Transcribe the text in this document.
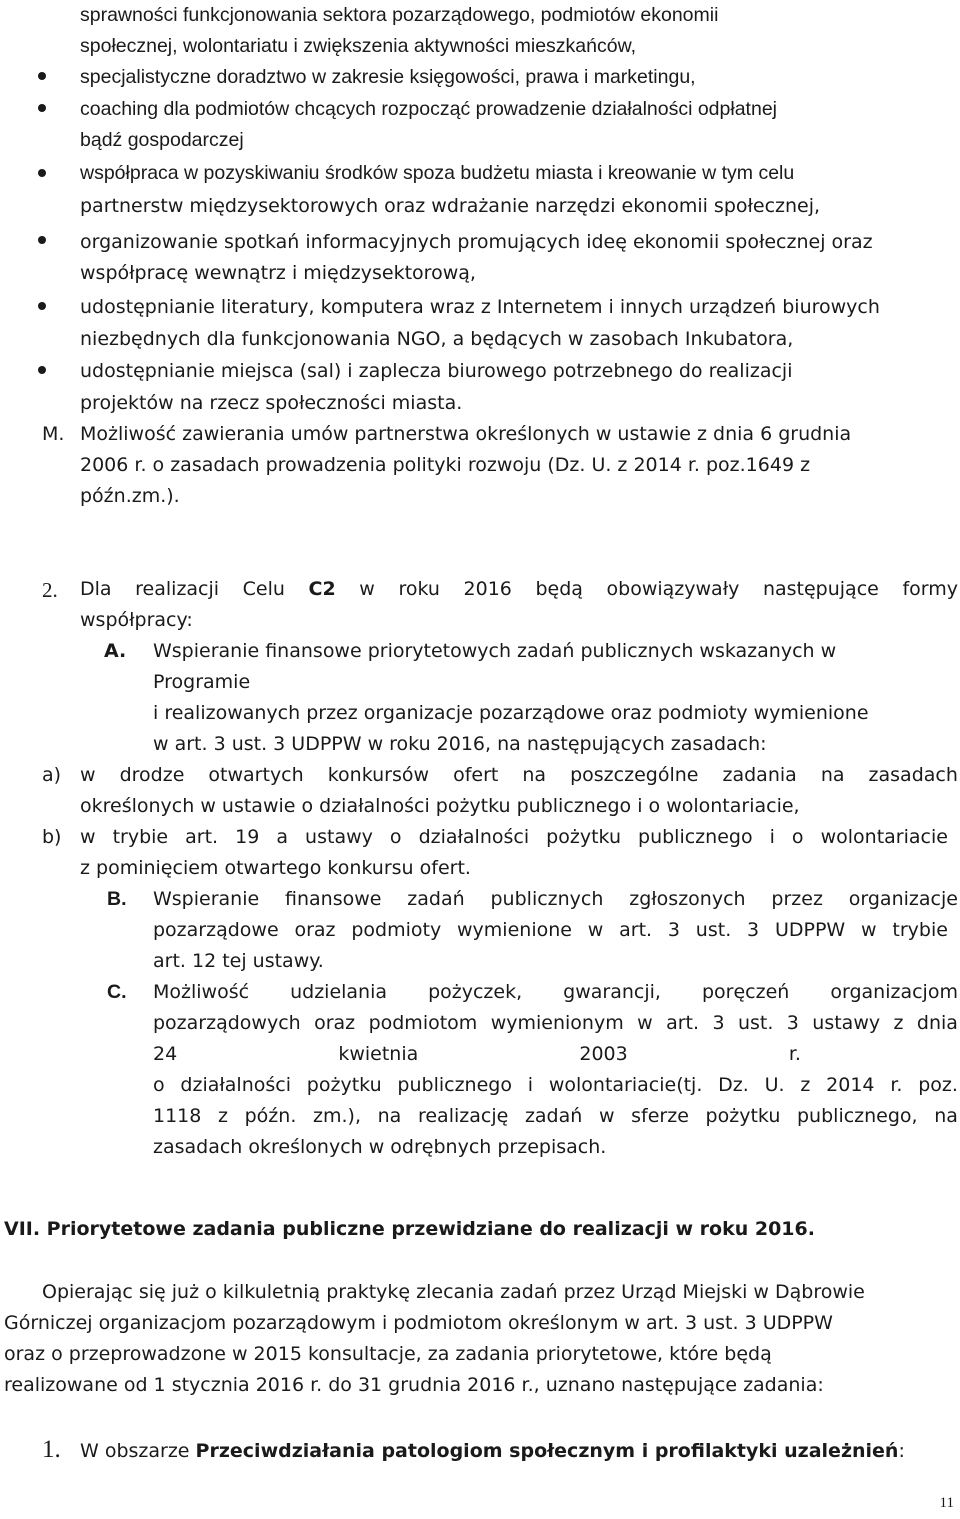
sprawności funkcjonowania sektora pozarządowego, podmiotów ekonomii
społecznej, wolontariatu i zwiększenia aktywności mieszkańców,
specjalistyczne doradztwo w zakresie księgowości, prawa i marketingu,
coaching dla podmiotów chcących rozpocząć prowadzenie działalności odpłatnej
bądź gospodarczej
współpraca w pozyskiwaniu środków spoza budżetu miasta i kreowanie w tym celu
partnerstw międzysektorowych oraz wdrażanie narzędzi ekonomii społecznej,
organizowanie spotkań informacyjnych promujących ideę ekonomii społecznej oraz
współpracę wewnątrz i międzysektorową,
udostępnianie literatury, komputera wraz z Internetem i innych urządzeń biurowych
niezbędnych dla funkcjonowania NGO, a będących w zasobach Inkubatora,
udostępnianie miejsca (sal) i zaplecza biurowego potrzebnego do realizacji
projektów na rzecz społeczności miasta.
M. Możliwość zawierania umów partnerstwa określonych w ustawie z dnia 6 grudnia
2006 r. o zasadach prowadzenia polityki rozwoju (Dz. U. z 2014 r. poz.1649 z
późn.zm.).
2. Dla realizacji Celu C2 w roku 2016 będą obowiązywały następujące formy
współpracy:
A. Wspieranie finansowe priorytetowych zadań publicznych wskazanych w
Programie
i realizowanych przez organizacje pozarządowe oraz podmioty wymienione
w art. 3 ust. 3 UDPPW w roku 2016, na następujących zasadach:
a) w drodze otwartych konkursów ofert na poszczególne zadania na zasadach
określonych w ustawie o działalności pożytku publicznego i o wolontariacie,
b) w trybie art. 19 a ustawy o działalności pożytku publicznego i o wolontariacie
z pominięciem otwartego konkursu ofert.
B. Wspieranie finansowe zadań publicznych zgłoszonych przez organizacje
pozarządowe oraz podmioty wymienione w art. 3 ust. 3 UDPPW w trybie
art. 12 tej ustawy.
C. Możliwość udzielania pożyczek, gwarancji, poręczeń organizacjom
pozarządowych oraz podmiotom wymienionym w art. 3 ust. 3 ustawy z dnia
24	kwietnia	2003	r.
o działalności pożytku publicznego i wolontariacie(tj. Dz. U. z 2014 r. poz.
1118 z późn. zm.), na realizację zadań w sferze pożytku publicznego, na
zasadach określonych w odrębnych przepisach.
VII. Priorytetowe zadania publiczne przewidziane do realizacji w roku 2016.
Opierając się już o kilkuletnią praktykę zlecania zadań przez Urząd Miejski w Dąbrowie
Górniczej organizacjom pozarządowym i podmiotom określonym w art. 3 ust. 3 UDPPW
oraz o przeprowadzone w 2015 konsultacje, za zadania priorytetowe, które będą
realizowane od 1 stycznia 2016 r. do 31 grudnia 2016 r., uznano następujące zadania:
1. W obszarze Przeciwdziałania patologiom społecznym i profilaktyki uzależnień:
11
